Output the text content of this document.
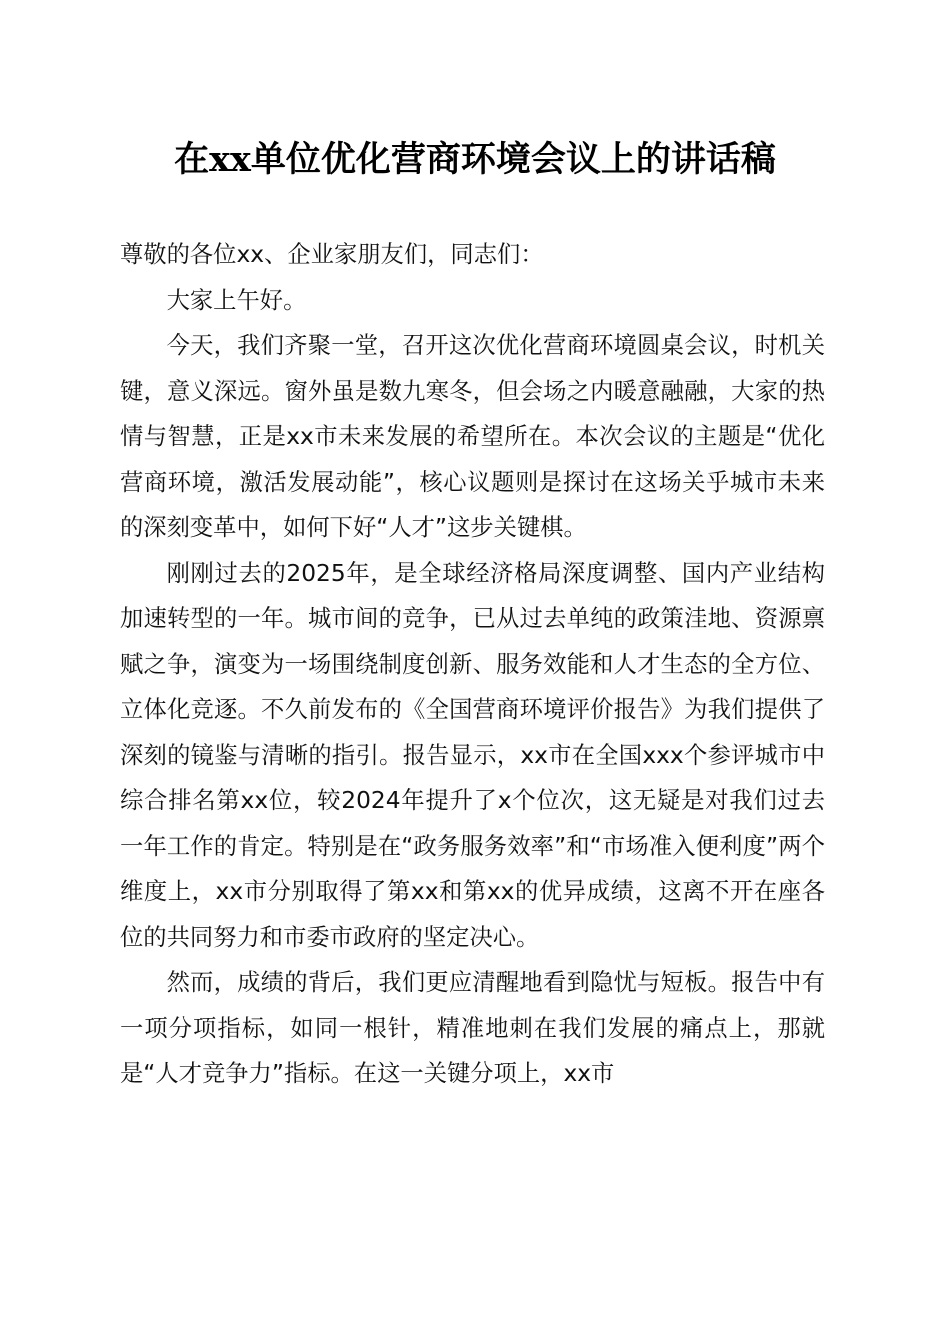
在xx单位优化营商环境会议上的讲话稿

尊敬的各位xx、企业家朋友们，同志们：

大家上午好。

今天，我们齐聚一堂，召开这次优化营商环境圆桌会议，时机关键，意义深远。窗外虽是数九寒冬，但会场之内暖意融融，大家的热情与智慧，正是xx市未来发展的希望所在。本次会议的主题是“优化营商环境，激活发展动能”，核心议题则是探讨在这场关乎城市未来的深刻变革中，如何下好“人才”这步关键棋。

刚刚过去的2025年，是全球经济格局深度调整、国内产业结构加速转型的一年。城市间的竞争，已从过去单纯的政策洼地、资源禀赋之争，演变为一场围绕制度创新、服务效能和人才生态的全方位、立体化竞逐。不久前发布的《全国营商环境评价报告》为我们提供了深刻的镜鉴与清晰的指引。报告显示，xx市在全国xxx个参评城市中综合排名第xx位，较2024年提升了x个位次，这无疑是对我们过去一年工作的肯定。特别是在“政务服务效率”和“市场准入便利度”两个维度上，xx市分别取得了第xx和第xx的优异成绩，这离不开在座各位的共同努力和市委市政府的坚定决心。

然而，成绩的背后，我们更应清醒地看到隐忧与短板。报告中有一项分项指标，如同一根针，精准地刺在我们发展的痛点上，那就是“人才竞争力”指标。在这一关键分项上，xx市
